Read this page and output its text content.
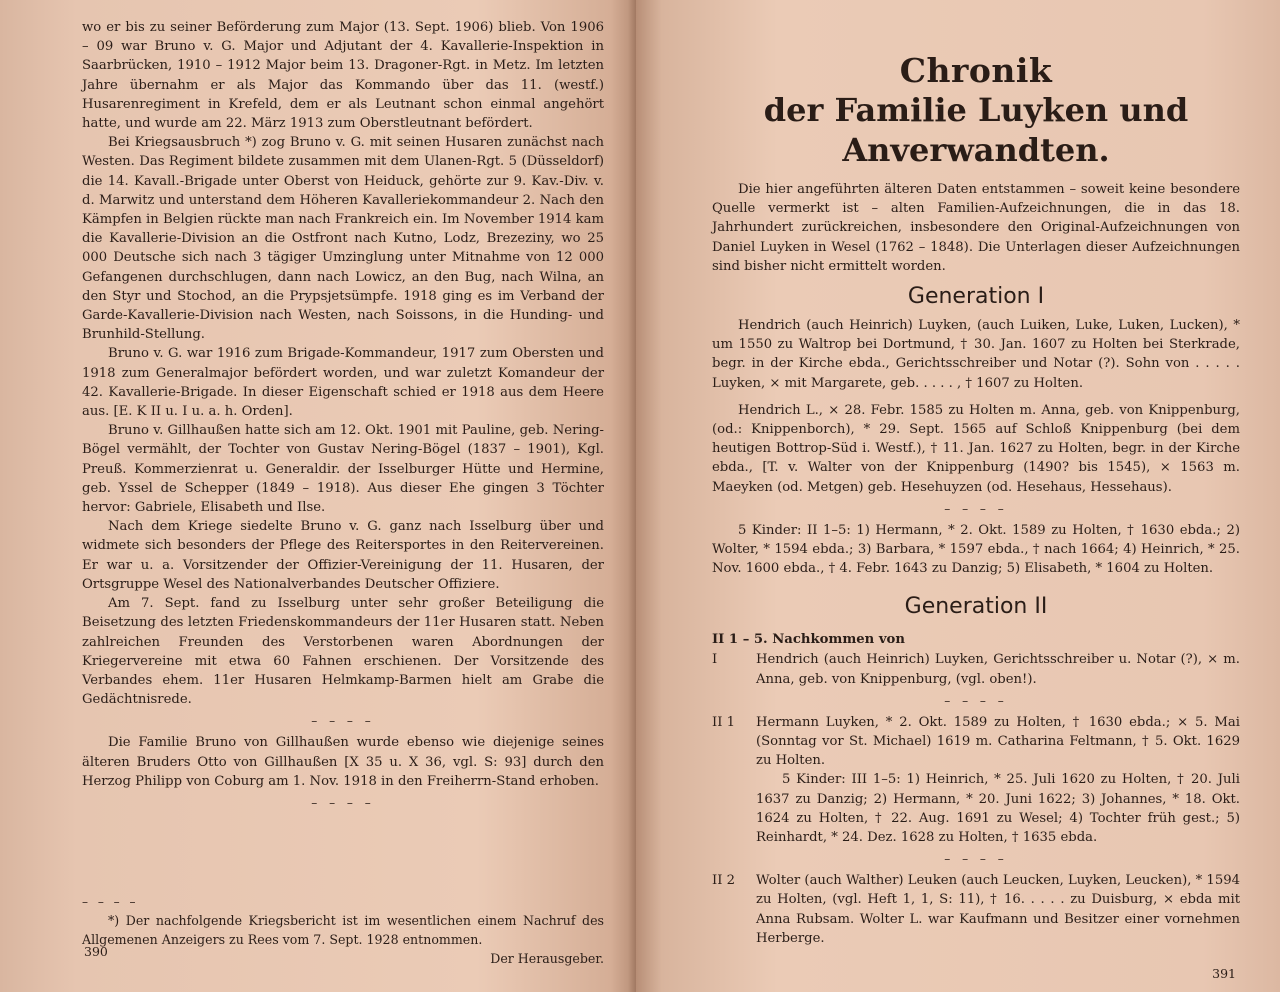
wo er bis zu seiner Beförderung zum Major (13. Sept. 1906) blieb. Von 1906 – 09 war Bruno v. G. Major und Adjutant der 4. Kavallerie-Inspektion in Saarbrücken, 1910 – 1912 Major beim 13. Dragoner-Rgt. in Metz. Im letzten Jahre übernahm er als Major das Kommando über das 11. (westf.) Husarenregiment in Krefeld, dem er als Leutnant schon einmal angehört hatte, und wurde am 22. März 1913 zum Oberstleutnant befördert.

Bei Kriegsausbruch *) zog Bruno v. G. mit seinen Husaren zunächst nach Westen. Das Regiment bildete zusammen mit dem Ulanen-Rgt. 5 (Düsseldorf) die 14. Kavall.-Brigade unter Oberst von Heiduck, gehörte zur 9. Kav.-Div. v. d. Marwitz und unterstand dem Höheren Kavalleriekommandeur 2. Nach den Kämpfen in Belgien rückte man nach Frankreich ein. Im November 1914 kam die Kavallerie-Division an die Ostfront nach Kutno, Lodz, Brezeziny, wo 25 000 Deutsche sich nach 3 tägiger Umzinglung unter Mitnahme von 12 000 Gefangenen durchschlugen, dann nach Lowicz, an den Bug, nach Wilna, an den Styr und Stochod, an die Prypsjetsümpfe. 1918 ging es im Verband der Garde-Kavallerie-Division nach Westen, nach Soissons, in die Hunding- und Brunhild-Stellung.

Bruno v. G. war 1916 zum Brigade-Kommandeur, 1917 zum Obersten und 1918 zum Generalmajor befördert worden, und war zuletzt Komandeur der 42. Kavallerie-Brigade. In dieser Eigenschaft schied er 1918 aus dem Heere aus. [E. K II u. I u. a. h. Orden].

Bruno v. Gillhaußen hatte sich am 12. Okt. 1901 mit Pauline, geb. Nering-Bögel vermählt, der Tochter von Gustav Nering-Bögel (1837 – 1901), Kgl. Preuß. Kommerzienrat u. Generaldir. der Isselburger Hütte und Hermine, geb. Yssel de Schepper (1849 – 1918). Aus dieser Ehe gingen 3 Töchter hervor: Gabriele, Elisabeth und Ilse.

Nach dem Kriege siedelte Bruno v. G. ganz nach Isselburg über und widmete sich besonders der Pflege des Reitersportes in den Reitervereinen. Er war u. a. Vorsitzender der Offizier-Vereinigung der 11. Husaren, der Ortsgruppe Wesel des Nationalverbandes Deutscher Offiziere.

Am 7. Sept. fand zu Isselburg unter sehr großer Beteiligung die Beisetzung des letzten Friedenskommandeurs der 11er Husaren statt. Neben zahlreichen Freunden des Verstorbenen waren Abordnungen der Kriegervereine mit etwa 60 Fahnen erschienen. Der Vorsitzende des Verbandes ehem. 11er Husaren Helmkamp-Barmen hielt am Grabe die Gedächtnisrede.

– – – –

Die Familie Bruno von Gillhaußen wurde ebenso wie diejenige seines älteren Bruders Otto von Gillhaußen [X 35 u. X 36, vgl. S: 93] durch den Herzog Philipp von Coburg am 1. Nov. 1918 in den Freiherrn-Stand erhoben.

– – – –
– – – –

*) Der nachfolgende Kriegsbericht ist im wesentlichen einem Nachruf des Allgemenen Anzeigers zu Rees vom 7. Sept. 1928 entnommen.

Der Herausgeber.
390
Chronik
der Familie Luyken und Anverwandten.

Die hier angeführten älteren Daten entstammen – soweit keine besondere Quelle vermerkt ist – alten Familien-Aufzeichnungen, die in das 18. Jahrhundert zurückreichen, insbesondere den Original-Aufzeichnungen von Daniel Luyken in Wesel (1762 – 1848). Die Unterlagen dieser Aufzeichnungen sind bisher nicht ermittelt worden.

Generation I

Hendrich (auch Heinrich) Luyken, (auch Luiken, Luke, Luken, Lucken), * um 1550 zu Waltrop bei Dortmund, † 30. Jan. 1607 zu Holten bei Sterkrade, begr. in der Kirche ebda., Gerichtsschreiber und Notar (?). Sohn von . . . . . Luyken, × mit Margarete, geb. . . . . , † 1607 zu Holten.

Hendrich L., × 28. Febr. 1585 zu Holten m. Anna, geb. von Knippenburg, (od.: Knippenborch), * 29. Sept. 1565 auf Schloß Knippenburg (bei dem heutigen Bottrop-Süd i. Westf.), † 11. Jan. 1627 zu Holten, begr. in der Kirche ebda., [T. v. Walter von der Knippenburg (1490? bis 1545), × 1563 m. Maeyken (od. Metgen) geb. Hesehuyzen (od. Hesehaus, Hessehaus).

– – – –

5 Kinder: II 1–5: 1) Hermann, * 2. Okt. 1589 zu Holten, † 1630 ebda.; 2) Wolter, * 1594 ebda.; 3) Barbara, * 1597 ebda., † nach 1664; 4) Heinrich, * 25. Nov. 1600 ebda., † 4. Febr. 1643 zu Danzig; 5) Elisabeth, * 1604 zu Holten.

Generation II
II 1 – 5. Nachkommen von
I	Hendrich (auch Heinrich) Luyken, Gerichtsschreiber u. Notar (?), × m. Anna, geb. von Knippenburg, (vgl. oben!).

– – – –
II 1	Hermann Luyken, * 2. Okt. 1589 zu Holten, † 1630 ebda.; × 5. Mai (Sonntag vor St. Michael) 1619 m. Catharina Feltmann, † 5. Okt. 1629 zu Holten.

5 Kinder: III 1–5: 1) Heinrich, * 25. Juli 1620 zu Holten, † 20. Juli 1637 zu Danzig; 2) Hermann, * 20. Juni 1622; 3) Johannes, * 18. Okt. 1624 zu Holten, † 22. Aug. 1691 zu Wesel; 4) Tochter früh gest.; 5) Reinhardt, * 24. Dez. 1628 zu Holten, † 1635 ebda.

– – – –
II 2	Wolter (auch Walther) Leuken (auch Leucken, Luyken, Leucken), * 1594 zu Holten, (vgl. Heft 1, 1, S: 11), † 16. . . . . zu Duisburg, × ebda mit Anna Rubsam. Wolter L. war Kaufmann und Besitzer einer vornehmen Herberge.

391
